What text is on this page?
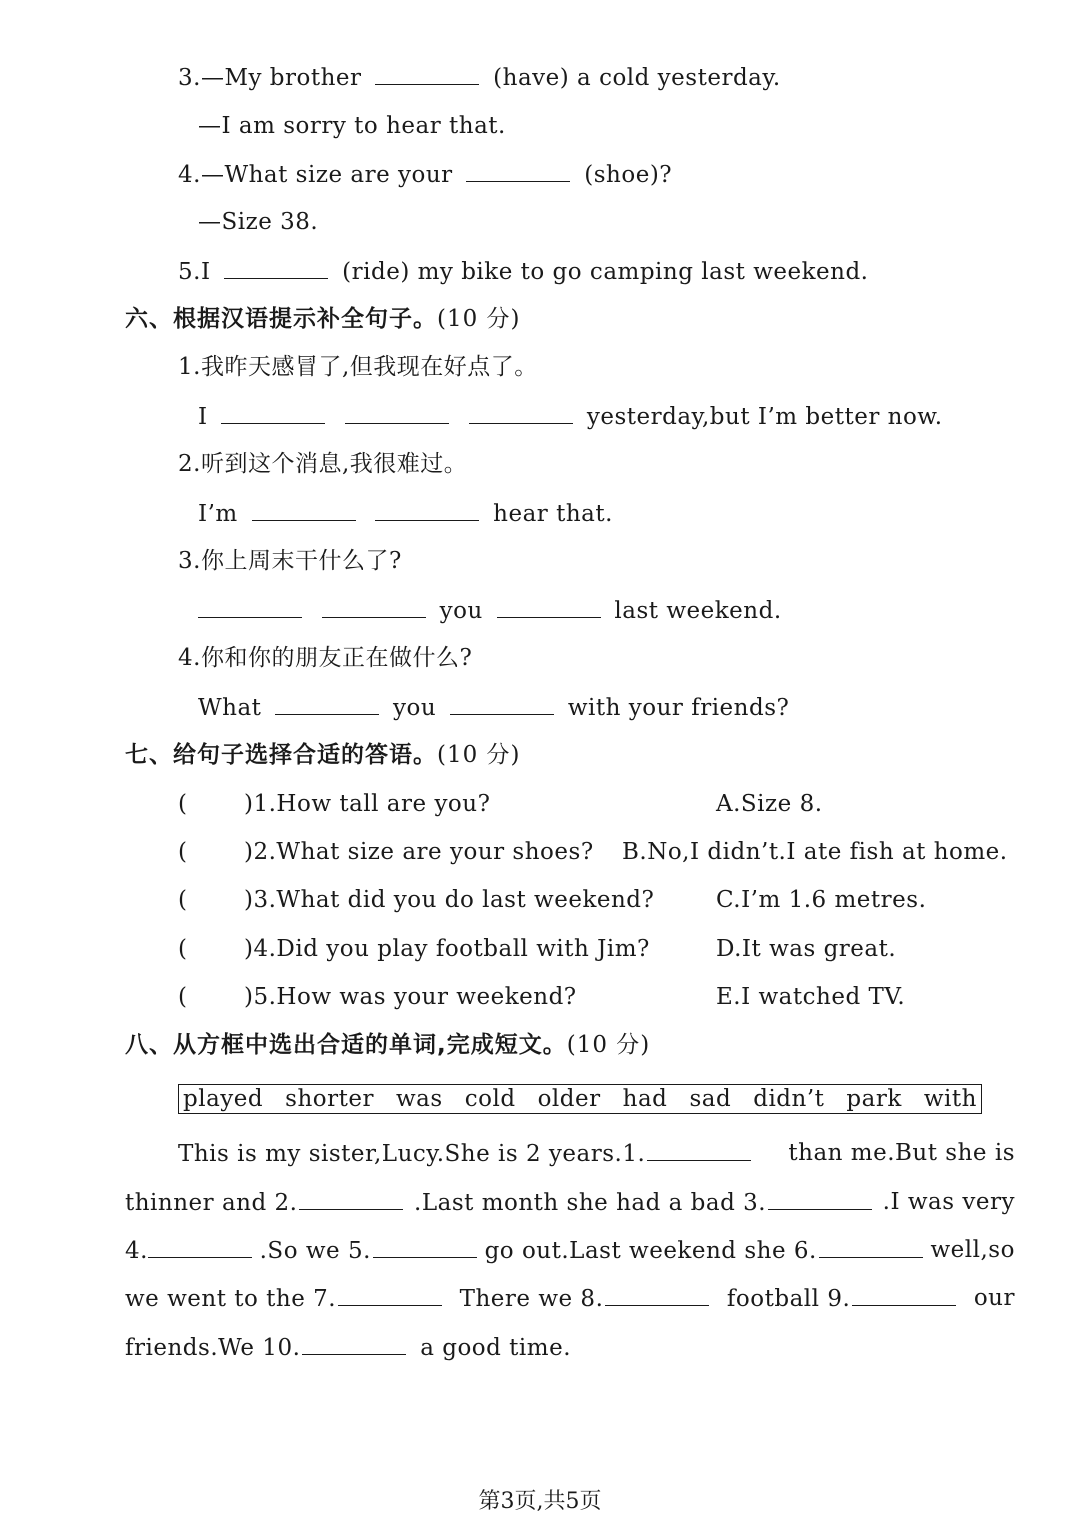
3.—My brother	(have) a cold yesterday.
—I am sorry to hear that.
4.—What size are your	(shoe)?
—Size 38.
5.I	(ride) my bike to go camping last weekend.
六、根据汉语提示补全句子。(10 分)
1.我昨天感冒了,但我现在好点了。
I	yesterday,but I’m better now.
2.听到这个消息,我很难过。
I’m	hear that.
3.你上周末干什么了?
you	last weekend.
4.你和你的朋友正在做什么?
What	you	with your friends?
七、给句子选择合适的答语。(10 分)
( )1.How tall are you?	A.Size 8.
( )2.What size are your shoes? B.No,I didn’t.I ate fish at home.
( )3.What did you do last weekend?	C.I’m 1.6 metres.
( )4.Did you play football with Jim?	D.It was great.
( )5.How was your weekend?	E.I watched TV.
八、从方框中选出合适的单词,完成短文。(10 分)
played shorter was cold older had sad didn’t park with
This is my sister,Lucy.She is 2 years.1.	than me.But she is
thinner and 2.	.Last month she had a bad 3.	.I was very
4.	.So we 5.	go out.Last weekend she 6.	well,so
we went to the 7.	There we 8.	football 9.	our
friends.We 10.	a good time.
第3页,共5页
